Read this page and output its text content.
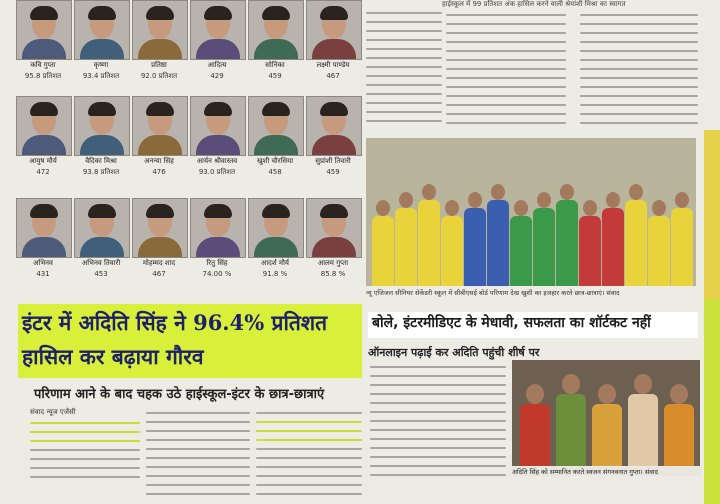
हाईस्कूल में 99 प्रतिशत अंक हासिल करने वाली श्रेयांशी मिश्रा का स्वागत
कवि गुप्ता
95.8 प्रतिशत
कृष्णा
93.4 प्रतिशत
प्रतिष्ठा
92.0 प्रतिशत
आदित्य
429
सोनिका
459
लक्ष्मी पाण्डेय
467
आयुष मौर्य
472
वैदिका मिश्रा
93.8 प्रतिशत
अनन्या सिंह
476
आर्यन श्रीवास्तव
93.0 प्रतिशत
खुशी चौरसिया
458
सुप्रांशी तिवारी
459
अभिनव
431
अभिनव तिवारी
453
मोहम्मद शाद
467
रितु सिंह
74.00 %
आदर्श मौर्य
91.8 %
आलम गुप्ता
85.8 %
न्यू एजिजल सीनियर सेकेंडरी स्कूल में सीबीएसई बोर्ड परिणाम देख खुशी का इजहार करते छात्र-छात्राएं। संवाद
इंटर में अदिति सिंह ने 96.4% प्रतिशत हासिल कर बढ़ाया गौरव
परिणाम आने के बाद चहक उठे हाईस्कूल-इंटर के छात्र-छात्राएं
संवाद न्यूज एजेंसी
बोले, इंटरमीडिएट के मेधावी, सफलता का शॉर्टकट नहीं
ऑनलाइन पढ़ाई कर अदिति पहुंची शीर्ष पर
अदिति सिंह को सम्मानित करते स्वजन संगनवनात गुप्ता। संवाद
